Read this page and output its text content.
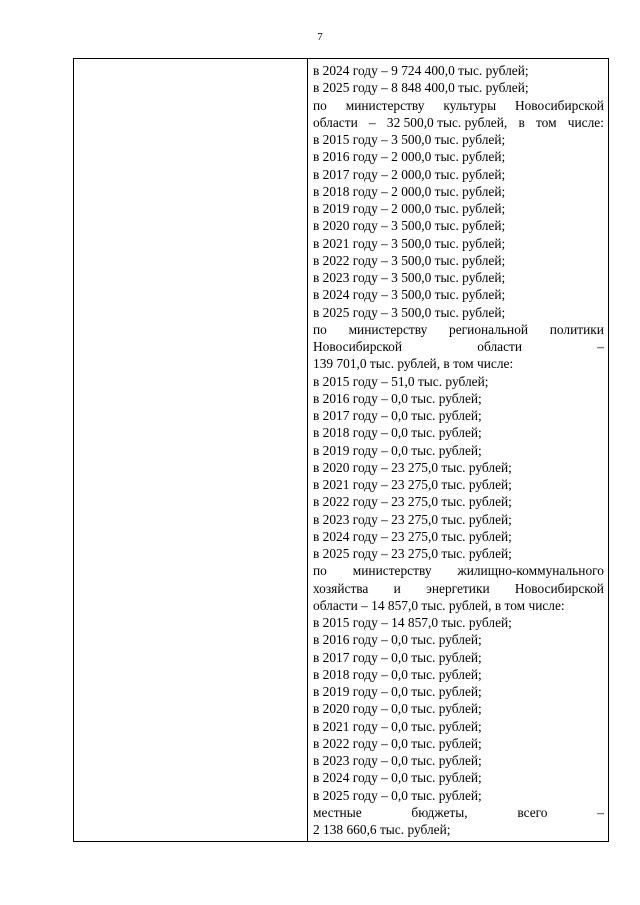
7
в 2024 году – 9 724 400,0 тыс. рублей;
в 2025 году – 8 848 400,0 тыс. рублей;
по министерству культуры Новосибирской
области – 32 500,0 тыс. рублей, в том числе:
в 2015 году – 3 500,0 тыс. рублей;
в 2016 году – 2 000,0 тыс. рублей;
в 2017 году – 2 000,0 тыс. рублей;
в 2018 году – 2 000,0 тыс. рублей;
в 2019 году – 2 000,0 тыс. рублей;
в 2020 году – 3 500,0 тыс. рублей;
в 2021 году – 3 500,0 тыс. рублей;
в 2022 году – 3 500,0 тыс. рублей;
в 2023 году – 3 500,0 тыс. рублей;
в 2024 году – 3 500,0 тыс. рублей;
в 2025 году – 3 500,0 тыс. рублей;
по министерству региональной политики
Новосибирской	области	–
139 701,0 тыс. рублей, в том числе:
в 2015 году – 51,0 тыс. рублей;
в 2016 году – 0,0 тыс. рублей;
в 2017 году – 0,0 тыс. рублей;
в 2018 году – 0,0 тыс. рублей;
в 2019 году – 0,0 тыс. рублей;
в 2020 году – 23 275,0 тыс. рублей;
в 2021 году – 23 275,0 тыс. рублей;
в 2022 году – 23 275,0 тыс. рублей;
в 2023 году – 23 275,0 тыс. рублей;
в 2024 году – 23 275,0 тыс. рублей;
в 2025 году – 23 275,0 тыс. рублей;
по министерству жилищно-коммунального
хозяйства и энергетики Новосибирской
области – 14 857,0 тыс. рублей, в том числе:
в 2015 году – 14 857,0 тыс. рублей;
в 2016 году – 0,0 тыс. рублей;
в 2017 году – 0,0 тыс. рублей;
в 2018 году – 0,0 тыс. рублей;
в 2019 году – 0,0 тыс. рублей;
в 2020 году – 0,0 тыс. рублей;
в 2021 году – 0,0 тыс. рублей;
в 2022 году – 0,0 тыс. рублей;
в 2023 году – 0,0 тыс. рублей;
в 2024 году – 0,0 тыс. рублей;
в 2025 году – 0,0 тыс. рублей;
местные	бюджеты,	всего	–
2 138 660,6 тыс. рублей;
